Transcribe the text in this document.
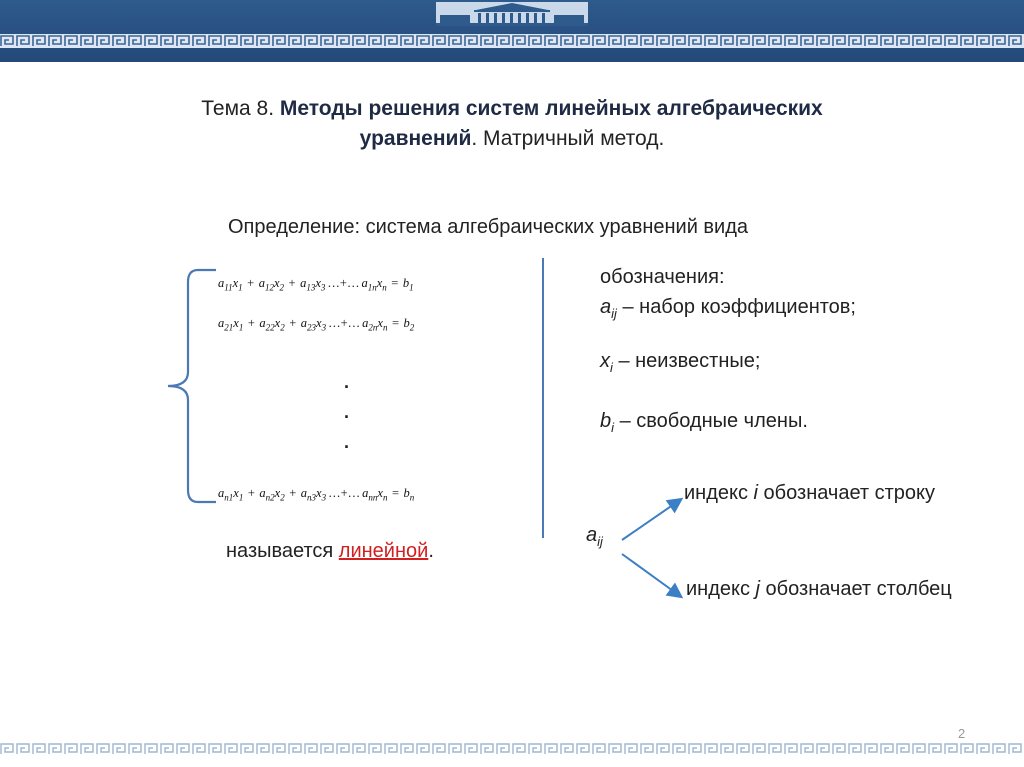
Тема 8. Методы решения систем линейных алгебраических
уравнений. Матричный метод.
Определение: система алгебраических уравнений вида
$a_{11}x_1 + a_{12}x_2 + a_{13}x_3$ …+… $a_{1n}x_n = b_1$
$a_{21}x_1 + a_{22}x_2 + a_{23}x_3$ …+… $a_{2n}x_n = b_2$
.
.
.
$a_{n1}x_1 + a_{n2}x_2 + a_{n3}x_3$ …+… $a_{nn}x_n = b_n$
называется линейной.
обозначения:
$a_{ij}$ – набор коэффициентов;
$x_i$ – неизвестные;
$b_i$ – свободные члены.
$a_{ij}$
индекс i обозначает строку
индекс j обозначает столбец
2
